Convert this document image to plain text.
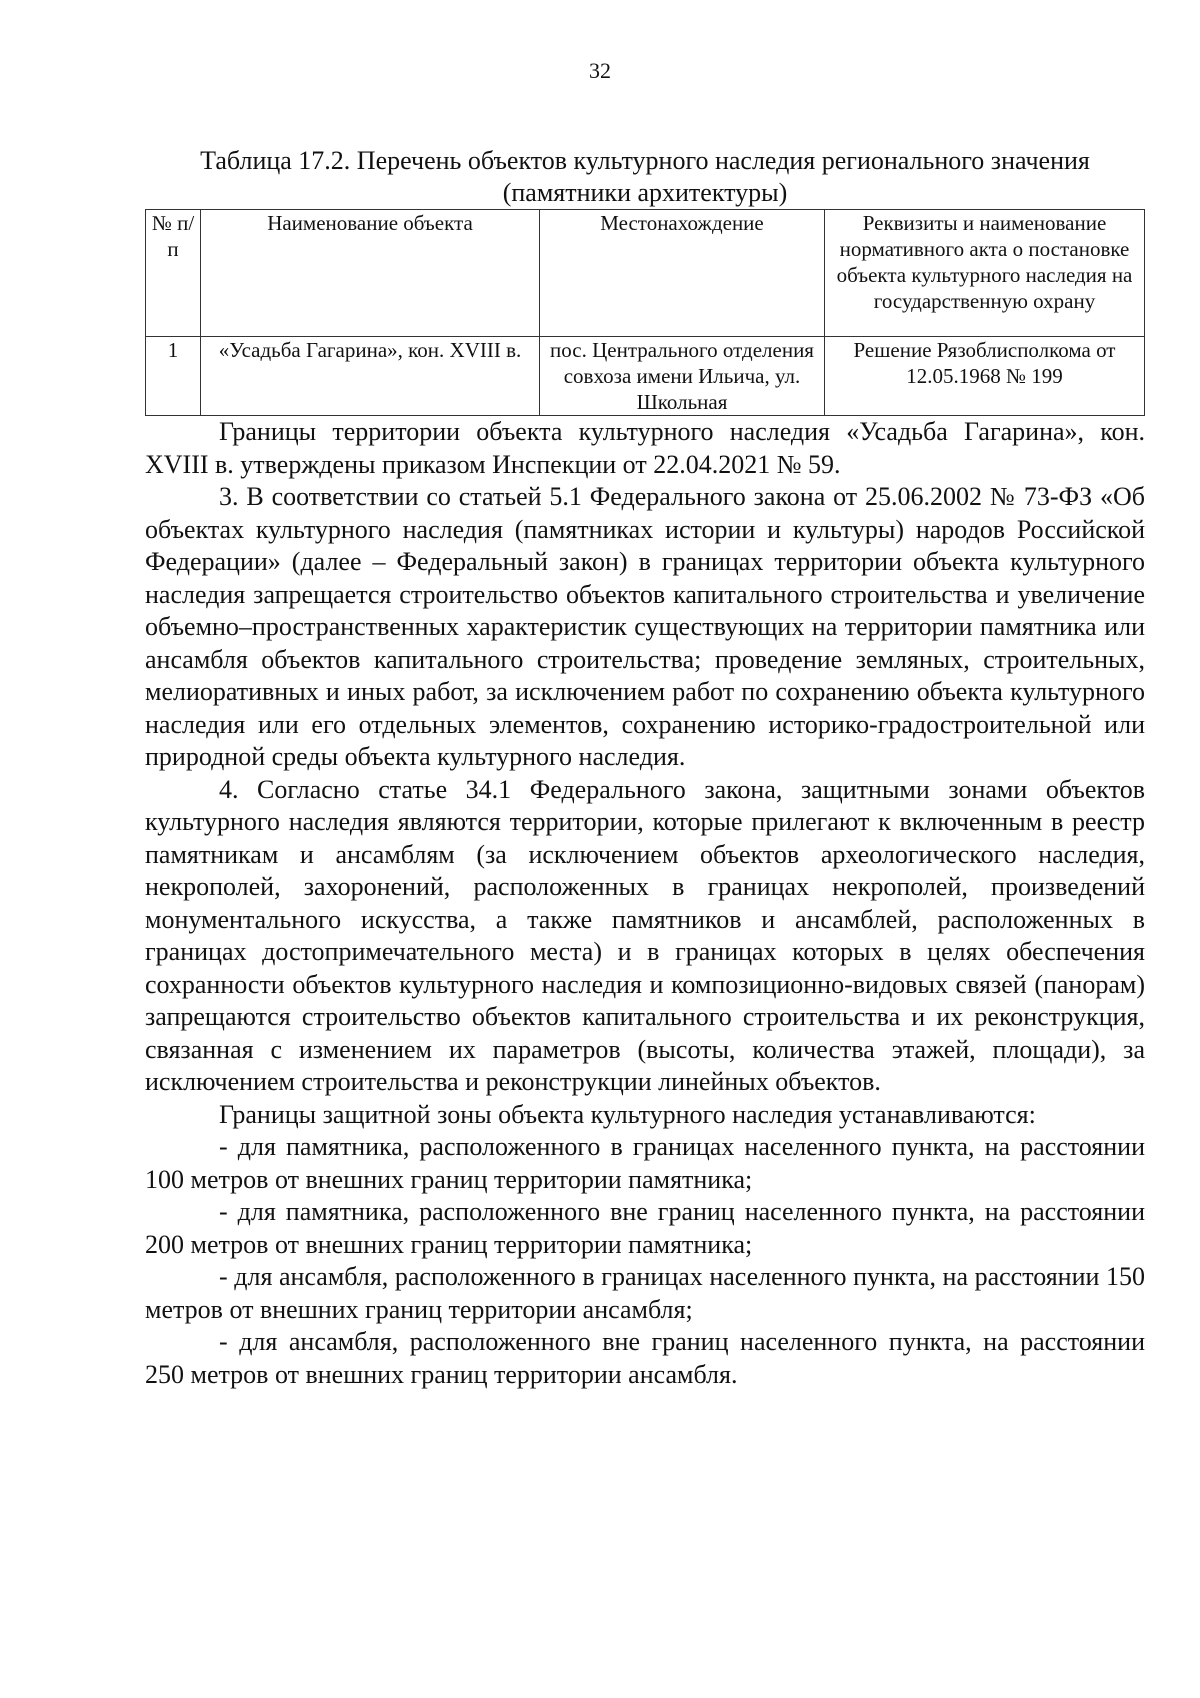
32
Таблица 17.2. Перечень объектов культурного наследия регионального значения
(памятники архитектуры)
№ п/п	Наименование объекта	Местонахождение	Реквизиты и наименование нормативного акта о постановке объекта культурного наследия на государственную охрану
1	«Усадьба Гагарина», кон. XVIII в.	пос. Центрального отделения совхоза имени Ильича, ул. Школьная	Решение Рязоблисполкома от 12.05.1968 № 199

Границы территории объекта культурного наследия «Усадьба Гагарина», кон. XVIII в. утверждены приказом Инспекции от 22.04.2021 № 59.

3. В соответствии со статьей 5.1 Федерального закона от 25.06.2002 № 73-ФЗ «Об объектах культурного наследия (памятниках истории и культуры) народов Российской Федерации» (далее – Федеральный закон) в границах территории объекта культурного наследия запрещается строительство объектов капитального строительства и увеличение объемно–пространственных характеристик существующих на территории памятника или ансамбля объектов капитального строительства; проведение земляных, строительных, мелиоративных и иных работ, за исключением работ по сохранению объекта культурного наследия или его отдельных элементов, сохранению историко-градостроительной или природной среды объекта культурного наследия.

4. Согласно статье 34.1 Федерального закона, защитными зонами объектов культурного наследия являются территории, которые прилегают к включенным в реестр памятникам и ансамблям (за исключением объектов археологического наследия, некрополей, захоронений, расположенных в границах некрополей, произведений монументального искусства, а также памятников и ансамблей, расположенных в границах достопримечательного места) и в границах которых в целях обеспечения сохранности объектов культурного наследия и композиционно-видовых связей (панорам) запрещаются строительство объектов капитального строительства и их реконструкция, связанная с изменением их параметров (высоты, количества этажей, площади), за исключением строительства и реконструкции линейных объектов.

Границы защитной зоны объекта культурного наследия устанавливаются:

- для памятника, расположенного в границах населенного пункта, на расстоянии 100 метров от внешних границ территории памятника;

- для памятника, расположенного вне границ населенного пункта, на расстоянии 200 метров от внешних границ территории памятника;

- для ансамбля, расположенного в границах населенного пункта, на расстоянии 150 метров от внешних границ территории ансамбля;

- для ансамбля, расположенного вне границ населенного пункта, на расстоянии 250 метров от внешних границ территории ансамбля.
